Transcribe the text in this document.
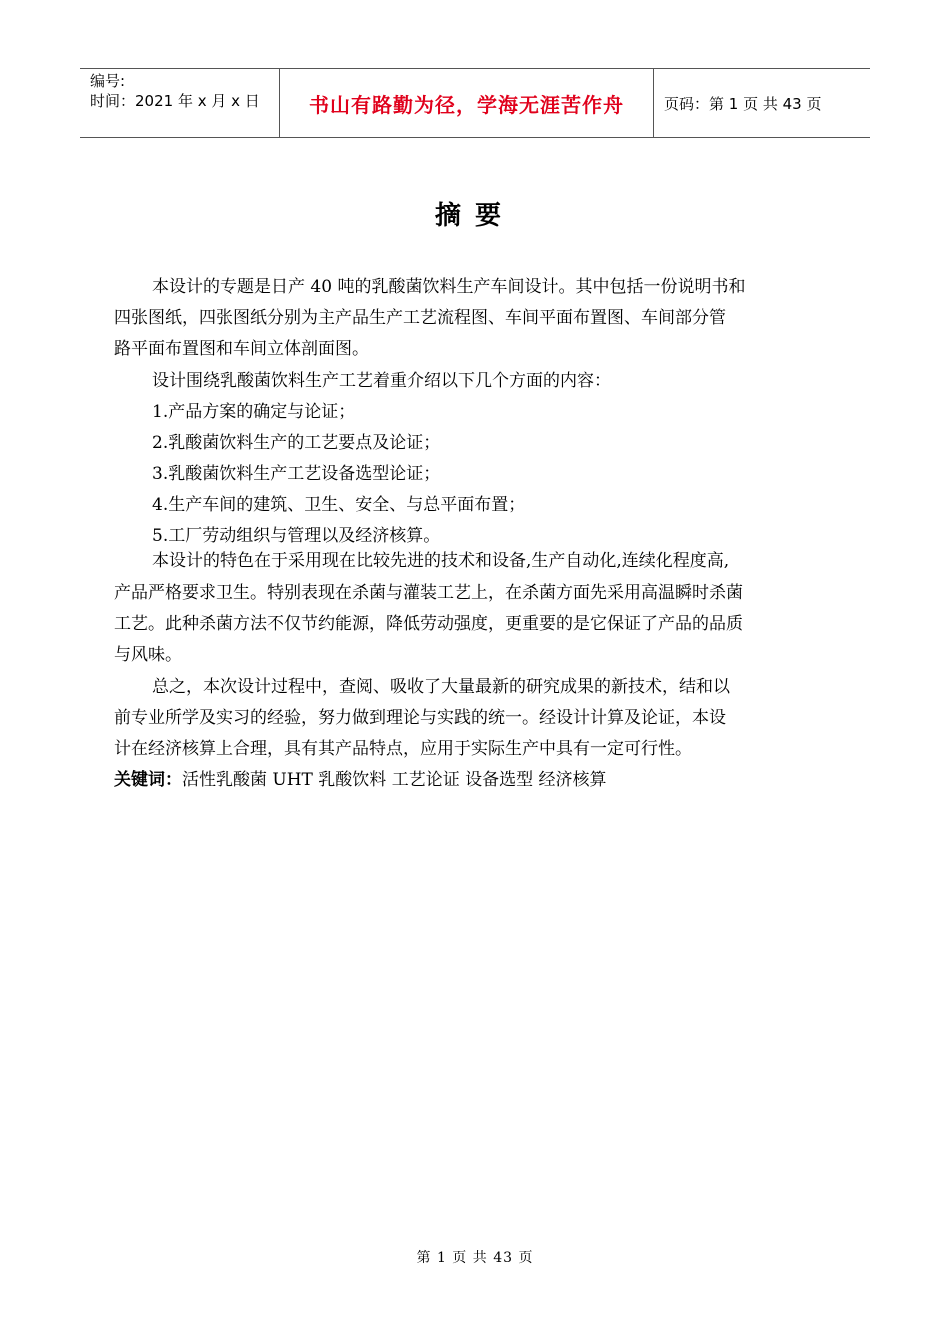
编号:
时间：2021 年 x 月 x 日	书山有路勤为径，学海无涯苦作舟	页码：第 1 页 共 43 页
摘要
本设计的专题是日产 40 吨的乳酸菌饮料生产车间设计。其中包括一份说明书和
四张图纸，四张图纸分别为主产品生产工艺流程图、车间平面布置图、车间部分管
路平面布置图和车间立体剖面图。
设计围绕乳酸菌饮料生产工艺着重介绍以下几个方面的内容：
1.产品方案的确定与论证；
2.乳酸菌饮料生产的工艺要点及论证；
3.乳酸菌饮料生产工艺设备选型论证；
4.生产车间的建筑、卫生、安全、与总平面布置；
5.工厂劳动组织与管理以及经济核算。
本设计的特色在于采用现在比较先进的技术和设备,生产自动化,连续化程度高,
产品严格要求卫生。特别表现在杀菌与灌装工艺上，在杀菌方面先采用高温瞬时杀菌
工艺。此种杀菌方法不仅节约能源，降低劳动强度，更重要的是它保证了产品的品质
与风味。
总之，本次设计过程中，查阅、吸收了大量最新的研究成果的新技术，结和以
前专业所学及实习的经验，努力做到理论与实践的统一。经设计计算及论证，本设
计在经济核算上合理，具有其产品特点，应用于实际生产中具有一定可行性。
关键词：活性乳酸菌 UHT 乳酸饮料 工艺论证 设备选型 经济核算
第 1 页 共 43 页
